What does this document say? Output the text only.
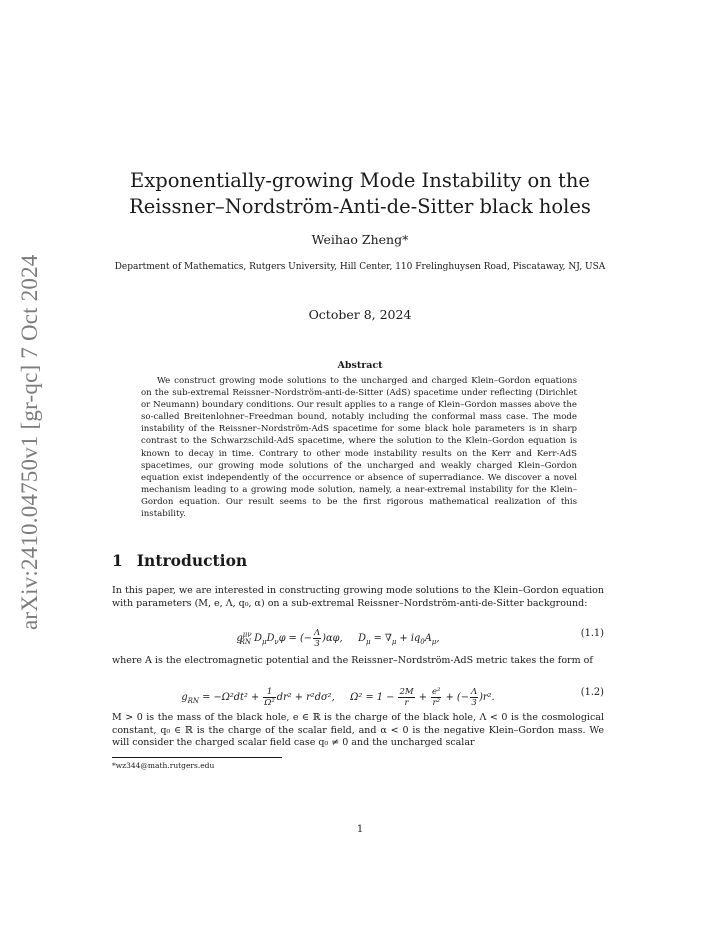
arXiv:2410.04750v1 [gr-qc] 7 Oct 2024
Exponentially-growing Mode Instability on the
Reissner–Nordström-Anti-de-Sitter black holes
Weihao Zheng*
Department of Mathematics, Rutgers University, Hill Center, 110 Frelinghuysen Road, Piscataway, NJ, USA
October 8, 2024
Abstract
We construct growing mode solutions to the uncharged and charged Klein–Gordon equations on the sub-extremal Reissner–Nordström-anti-de-Sitter (AdS) spacetime under reflecting (Dirichlet or Neumann) boundary conditions. Our result applies to a range of Klein–Gordon masses above the so-called Breitenlohner–Freedman bound, notably including the conformal mass case. The mode instability of the Reissner–Nordström-AdS spacetime for some black hole parameters is in sharp contrast to the Schwarzschild-AdS spacetime, where the solution to the Klein–Gordon equation is known to decay in time. Contrary to other mode instability results on the Kerr and Kerr-AdS spacetimes, our growing mode solutions of the uncharged and weakly charged Klein–Gordon equation exist independently of the occurrence or absence of superradiance. We discover a novel mechanism leading to a growing mode solution, namely, a near-extremal instability for the Klein–Gordon equation. Our result seems to be the first rigorous mathematical realization of this instability.
1 Introduction
In this paper, we are interested in constructing growing mode solutions to the Klein–Gordon equation with parameters (M, e, Λ, q₀, α) on a sub-extremal Reissner–Nordström-anti-de-Sitter background:
$g^{\mu\nu}_{RN}$ $D_\mu D_\nu\varphi$ = (− $\frac{\Lambda}{3} )\alpha\varphi$,     $D_\mu = \nabla_\mu + iq_0A_\mu$,	(1.1)
where A is the electromagnetic potential and the Reissner–Nordström-AdS metric takes the form of
$g_{RN} = -\Omega^2dt^2 + \frac{1}{\text{Ω²}} dr^2 + r^2d\sigma^2$,     $\Omega^2 = 1 - \frac{2M}{r} + \frac{\text{e²}}{\text{r²}}$ + (− $\frac{\Lambda}{3} )r^2$.	(1.2)
M > 0 is the mass of the black hole, e ∈ ℝ is the charge of the black hole, Λ < 0 is the cosmological constant, q₀ ∈ ℝ is the charge of the scalar field, and α < 0 is the negative Klein–Gordon mass. We will consider the charged scalar field case q₀ ≠ 0 and the uncharged scalar
*wz344@math.rutgers.edu
1
